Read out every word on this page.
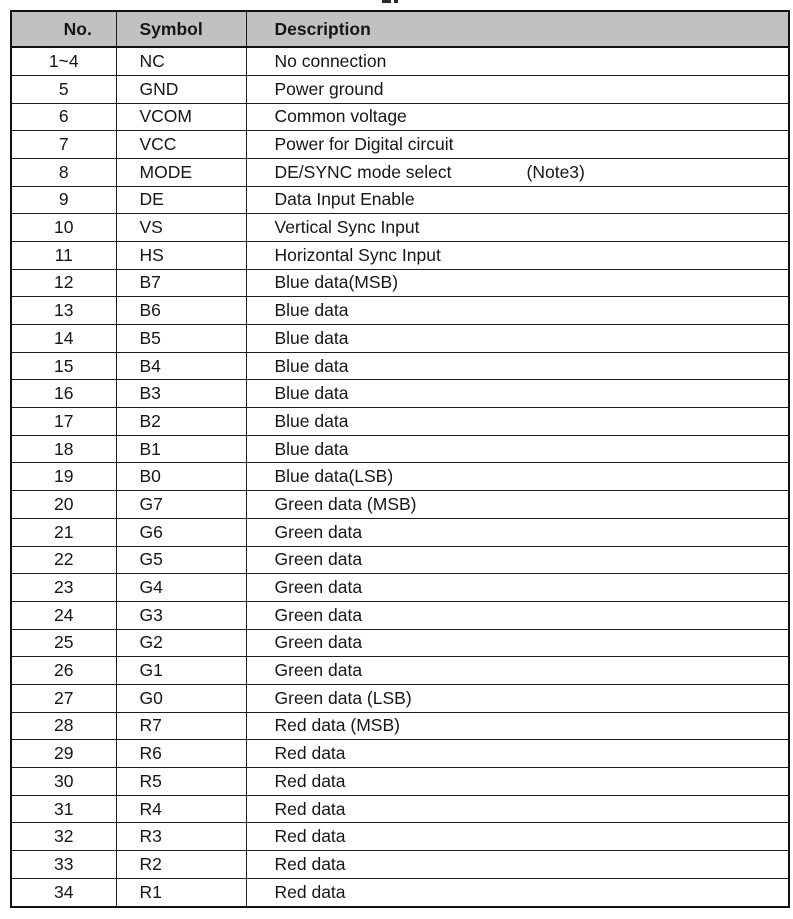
No.	Symbol	Description
1~4	NC	No connection
5	GND	Power ground
6	VCOM	Common voltage
7	VCC	Power for Digital circuit
8	MODE	DE/SYNC mode select (Note3)
9	DE	Data Input Enable
10	VS	Vertical Sync Input
11	HS	Horizontal Sync Input
12	B7	Blue data(MSB)
13	B6	Blue data
14	B5	Blue data
15	B4	Blue data
16	B3	Blue data
17	B2	Blue data
18	B1	Blue data
19	B0	Blue data(LSB)
20	G7	Green data (MSB)
21	G6	Green data
22	G5	Green data
23	G4	Green data
24	G3	Green data
25	G2	Green data
26	G1	Green data
27	G0	Green data (LSB)
28	R7	Red data (MSB)
29	R6	Red data
30	R5	Red data
31	R4	Red data
32	R3	Red data
33	R2	Red data
34	R1	Red data
